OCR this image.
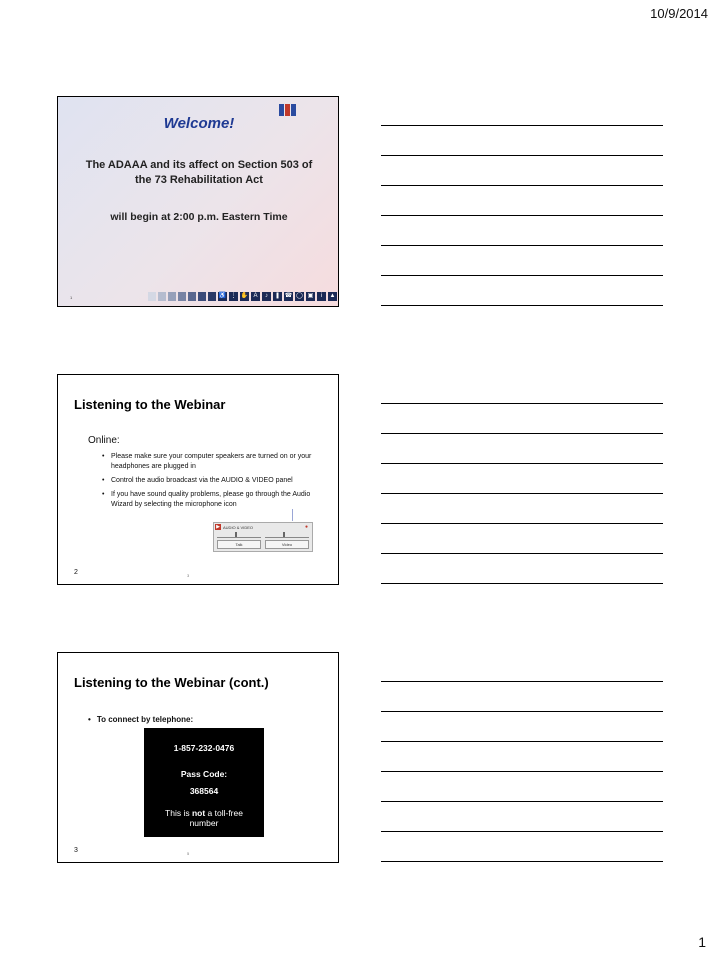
10/9/2014
Welcome!

The ADAAA and its affect on Section 503 of the 73 Rehabilitation Act
will begin at 2:00 p.m. Eastern Time
1	♿ ⋮ ✋ A	♪	❚ ☎ ◯ ▣	i	▲
Listening to the Webinar
Online:
• Please make sure your computer speakers are turned on or your headphones are plugged in
• Control the audio broadcast via the AUDIO & VIDEO panel
• If you have sound quality problems, please go through the Audio Wizard by selecting the microphone icon
▶ AUDIO & VIDEO	●
Talk	Video
2	3
Listening to the Webinar (cont.)
• To connect by telephone:
1-857-232-0476
Pass Code:
368564
This is not a toll-free number
3	5
1
